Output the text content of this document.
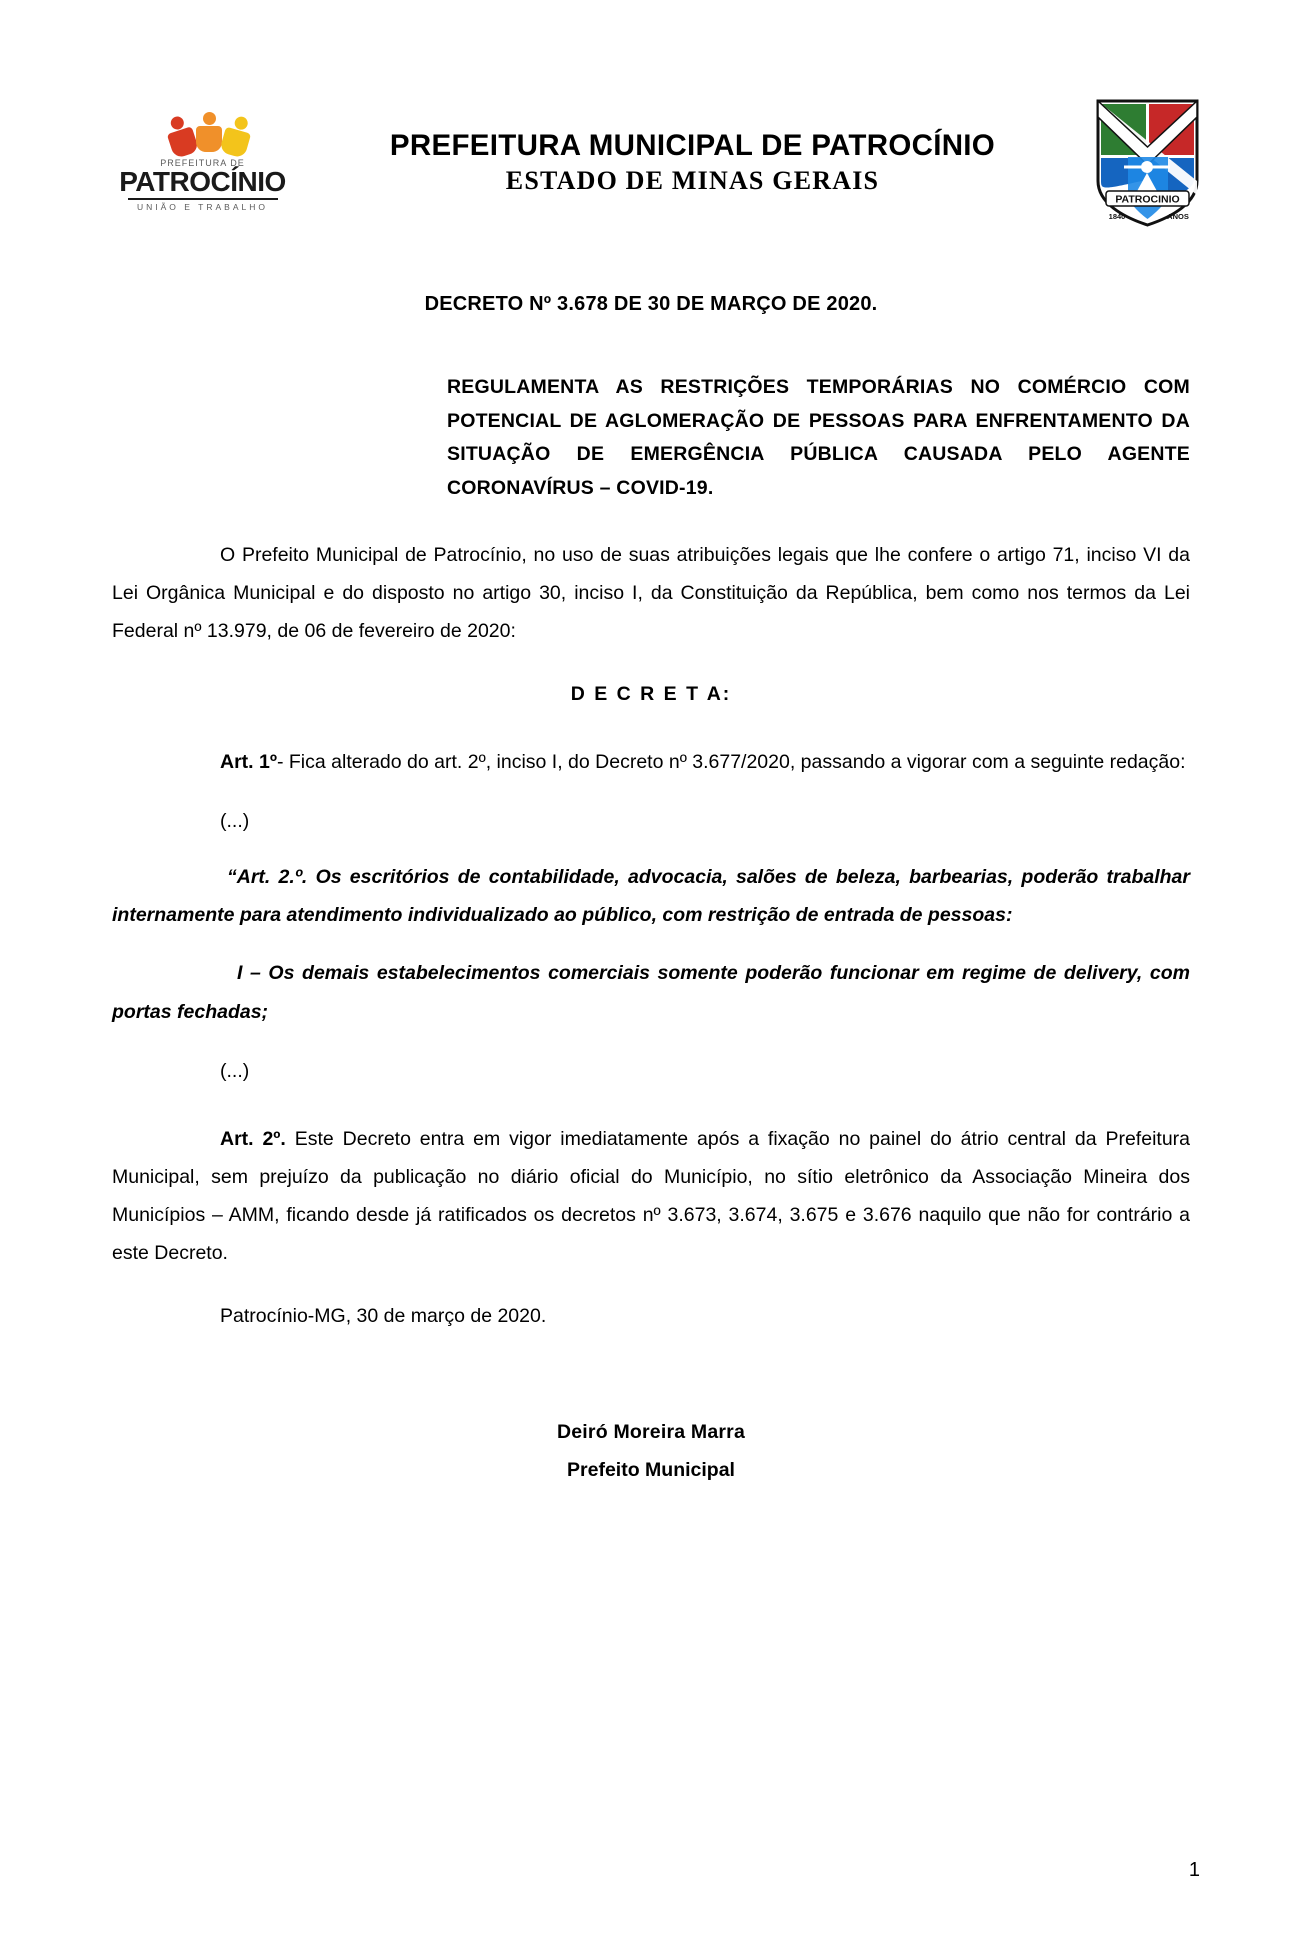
PREFEITURA DE
PATROCÍNIO
UNIÃO E TRABALHO
PREFEITURA MUNICIPAL DE PATROCÍNIO
ESTADO DE MINAS GERAIS
PATROCINIO
1840	ANOS
DECRETO Nº 3.678 DE 30 DE MARÇO DE 2020.
REGULAMENTA AS RESTRIÇÕES TEMPORÁRIAS NO COMÉRCIO COM POTENCIAL DE AGLOMERAÇÃO DE PESSOAS PARA ENFRENTAMENTO DA SITUAÇÃO DE EMERGÊNCIA PÚBLICA CAUSADA PELO AGENTE CORONAVÍRUS – COVID-19.
O Prefeito Municipal de Patrocínio, no uso de suas atribuições legais que lhe confere o artigo 71, inciso VI da Lei Orgânica Municipal e do disposto no artigo 30, inciso I, da Constituição da República, bem como nos termos da Lei Federal nº 13.979, de 06 de fevereiro de 2020:
D E C R E T A:
Art. 1º- Fica alterado do art. 2º, inciso I, do Decreto nº 3.677/2020, passando a vigorar com a seguinte redação:
(...)
“Art. 2.º. Os escritórios de contabilidade, advocacia, salões de beleza, barbearias, poderão trabalhar internamente para atendimento individualizado ao público, com restrição de entrada de pessoas:
I – Os demais estabelecimentos comerciais somente poderão funcionar em regime de delivery, com portas fechadas;
(...)
Art. 2º. Este Decreto entra em vigor imediatamente após a fixação no painel do átrio central da Prefeitura Municipal, sem prejuízo da publicação no diário oficial do Município, no sítio eletrônico da Associação Mineira dos Municípios – AMM, ficando desde já ratificados os decretos nº 3.673, 3.674, 3.675 e 3.676 naquilo que não for contrário a este Decreto.
Patrocínio-MG, 30 de março de 2020.
Deiró Moreira Marra
Prefeito Municipal
1
